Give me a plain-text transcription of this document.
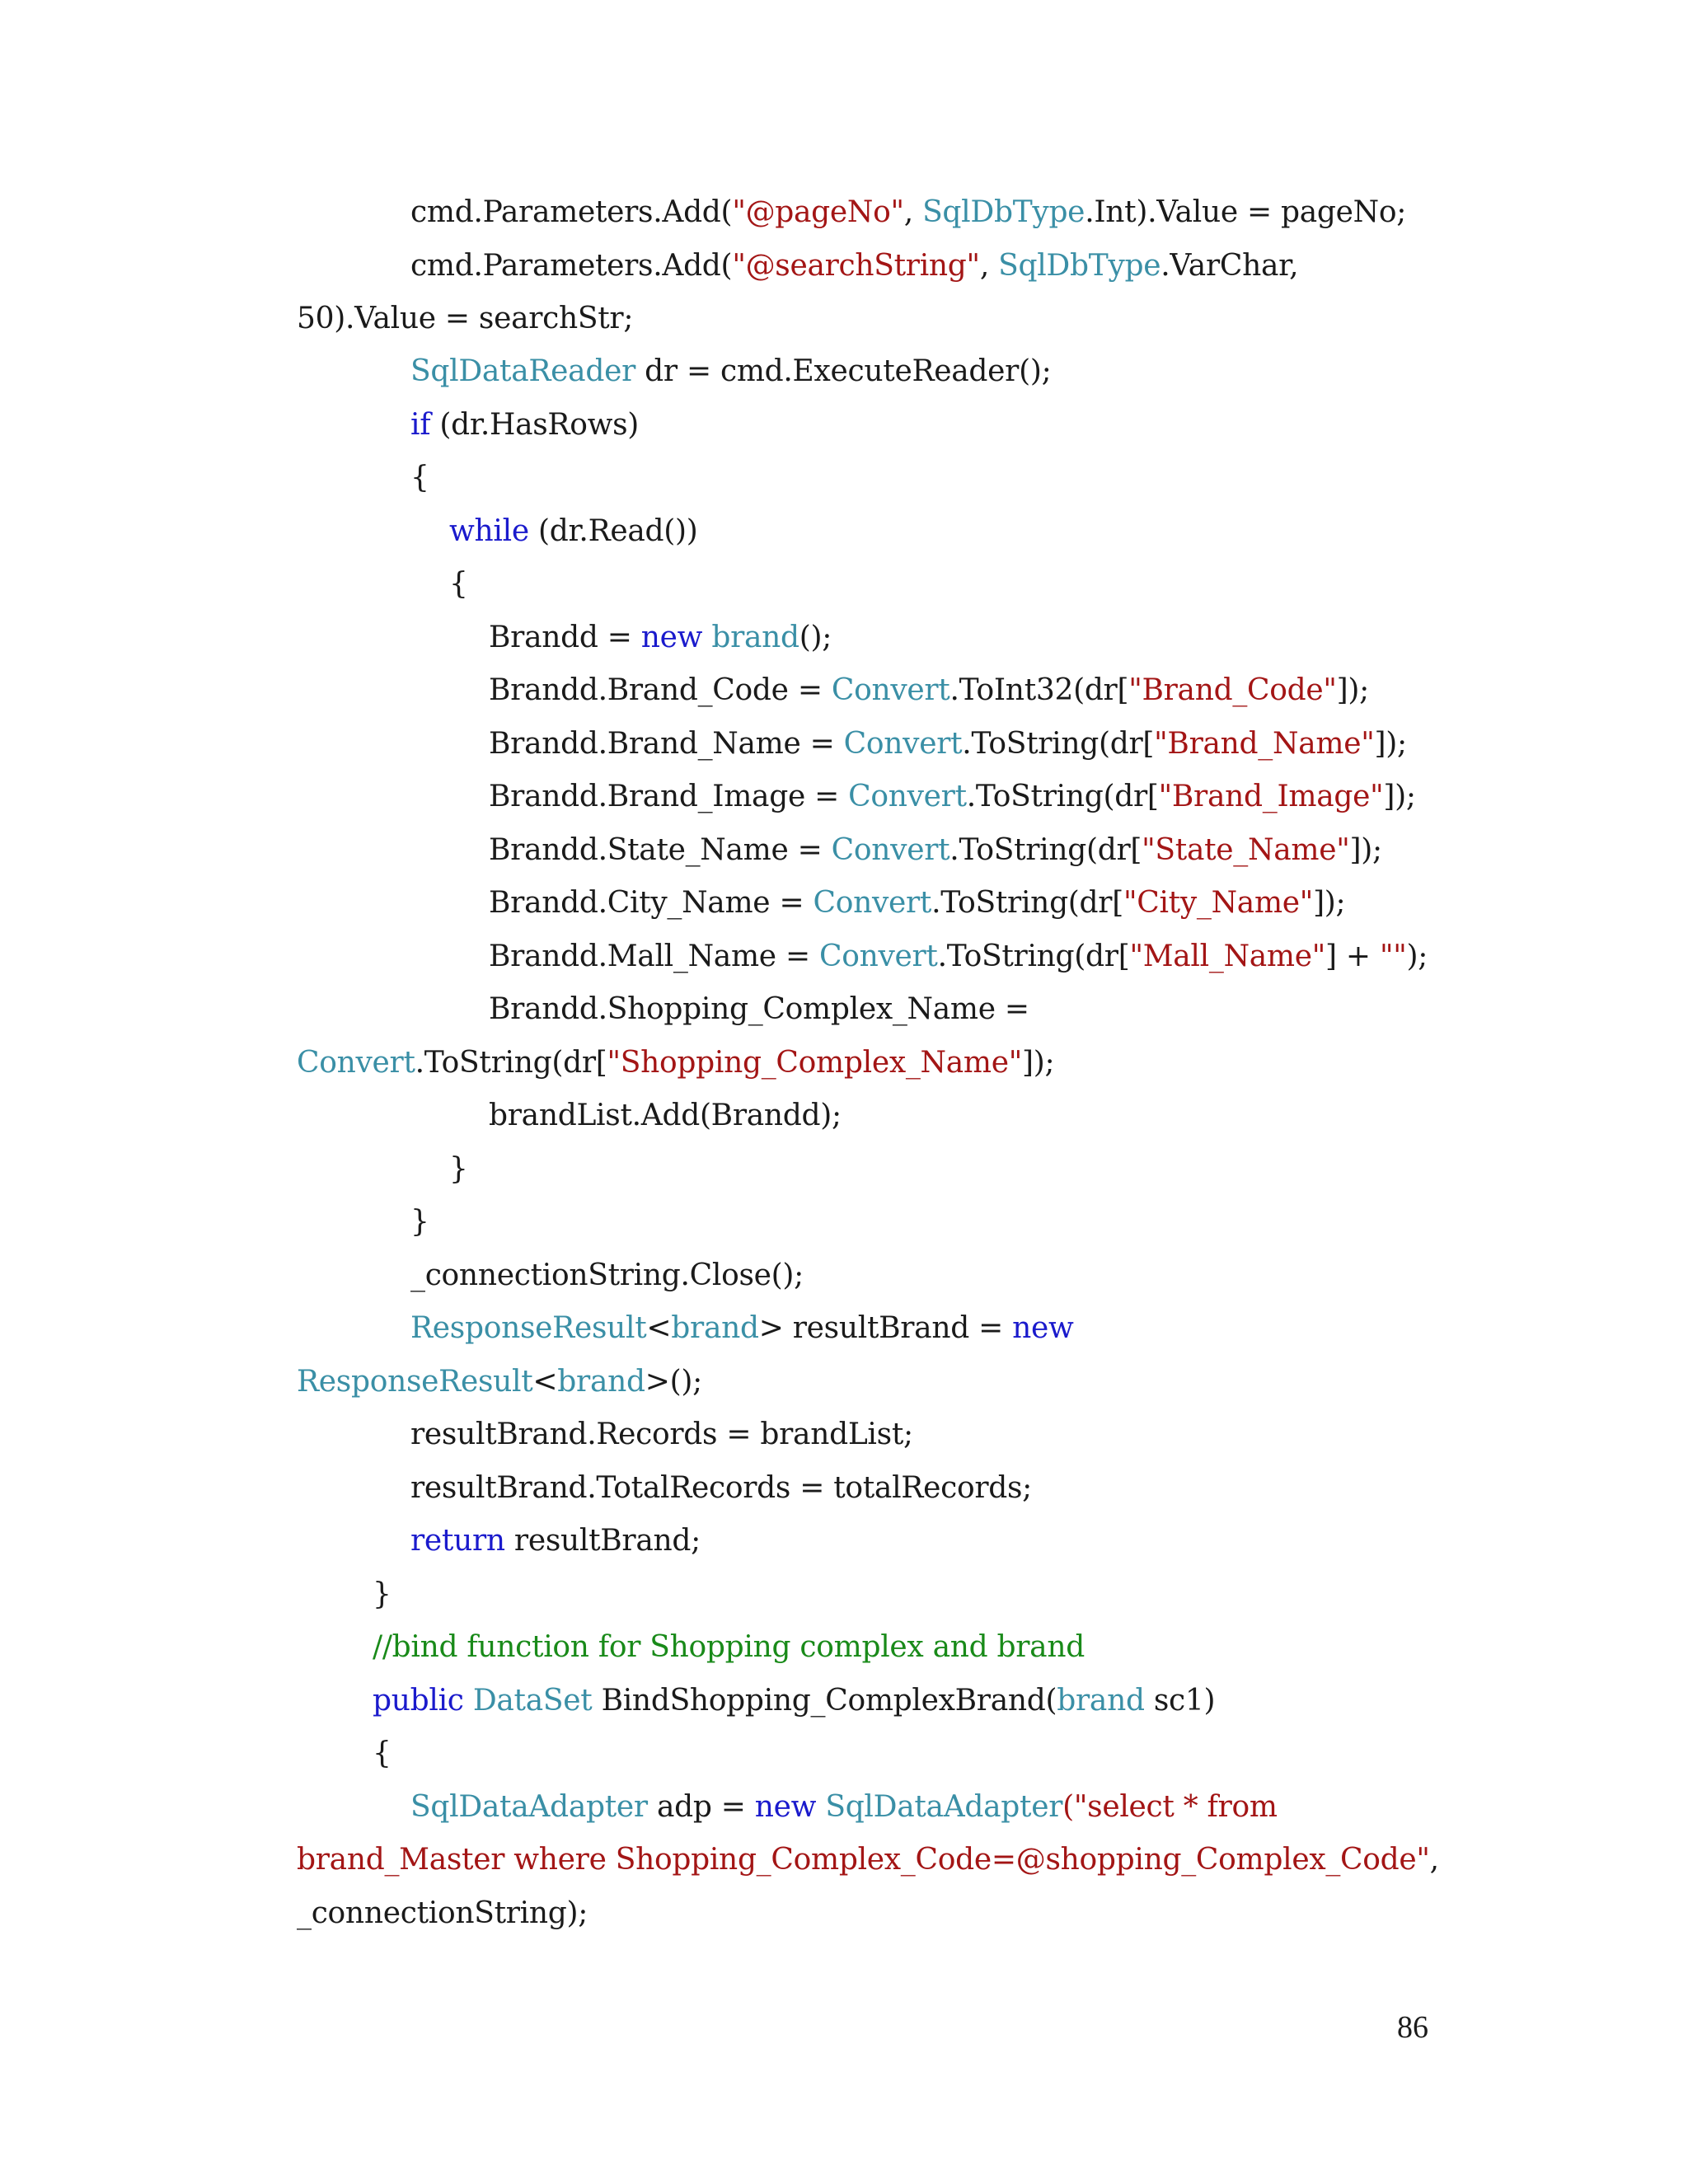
cmd.Parameters.Add("@pageNo", SqlDbType.Int).Value = pageNo;
cmd.Parameters.Add("@searchString", SqlDbType.VarChar,
50).Value = searchStr;
SqlDataReader dr = cmd.ExecuteReader();
if (dr.HasRows)
{
while (dr.Read())
{
Brandd = new brand();
Brandd.Brand_Code = Convert.ToInt32(dr["Brand_Code"]);
Brandd.Brand_Name = Convert.ToString(dr["Brand_Name"]);
Brandd.Brand_Image = Convert.ToString(dr["Brand_Image"]);
Brandd.State_Name = Convert.ToString(dr["State_Name"]);
Brandd.City_Name = Convert.ToString(dr["City_Name"]);
Brandd.Mall_Name = Convert.ToString(dr["Mall_Name"] + "");
Brandd.Shopping_Complex_Name =
Convert.ToString(dr["Shopping_Complex_Name"]);
brandList.Add(Brandd);
}
}
_connectionString.Close();
ResponseResult<brand> resultBrand = new
ResponseResult<brand>();
resultBrand.Records = brandList;
resultBrand.TotalRecords = totalRecords;
return resultBrand;
}
//bind function for Shopping complex and brand
public DataSet BindShopping_ComplexBrand(brand sc1)
{
SqlDataAdapter adp = new SqlDataAdapter("select * from
brand_Master where Shopping_Complex_Code=@shopping_Complex_Code",
_connectionString);
86
